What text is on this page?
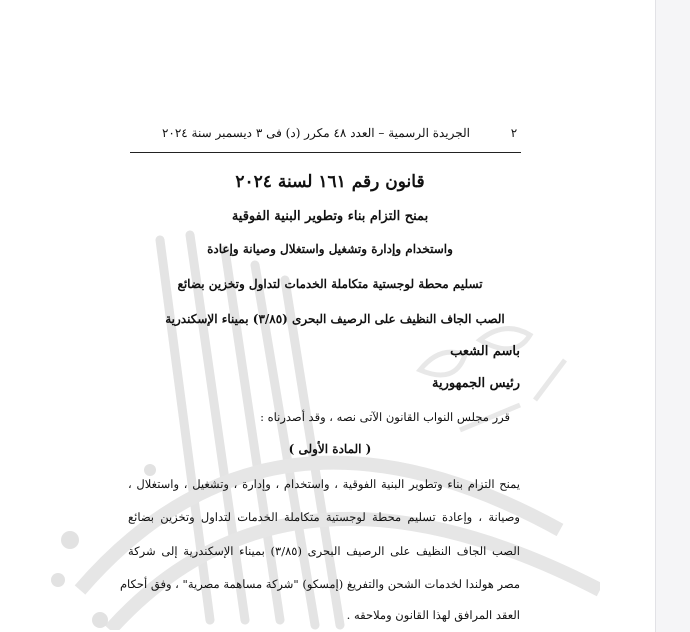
٢
الجريدة الرسمية – العدد ٤٨ مكرر (د) فى ٣ ديسمبر سنة ٢٠٢٤
قانون رقم ١٦١ لسنة ٢٠٢٤
بمنح التزام بناء وتطوير البنية الفوقية
واستخدام وإدارة وتشغيل واستغلال وصيانة وإعادة
تسليم محطة لوجستية متكاملة الخدمات لتداول وتخزين بضائع
الصب الجاف النظيف على الرصيف البحرى (٣/٨٥) بميناء الإسكندرية
باسم الشعب
رئيس الجمهورية
قرر مجلس النواب القانون الآتى نصه ، وقد أصدرناه :
( المادة الأولى )
يمنح التزام بناء وتطوير البنية الفوقية ، واستخدام ، وإدارة ، وتشغيل ، واستغلال ،
وصيانة ، وإعادة تسليم محطة لوجستية متكاملة الخدمات لتداول وتخزين بضائع
الصب الجاف النظيف على الرصيف البحرى (٣/٨٥) بميناء الإسكندرية إلى شركة
مصر هولندا لخدمات الشحن والتفريغ (إمسكو) "شركة مساهمة مصرية" ، وفق أحكام
العقد المرافق لهذا القانون وملاحقه .
